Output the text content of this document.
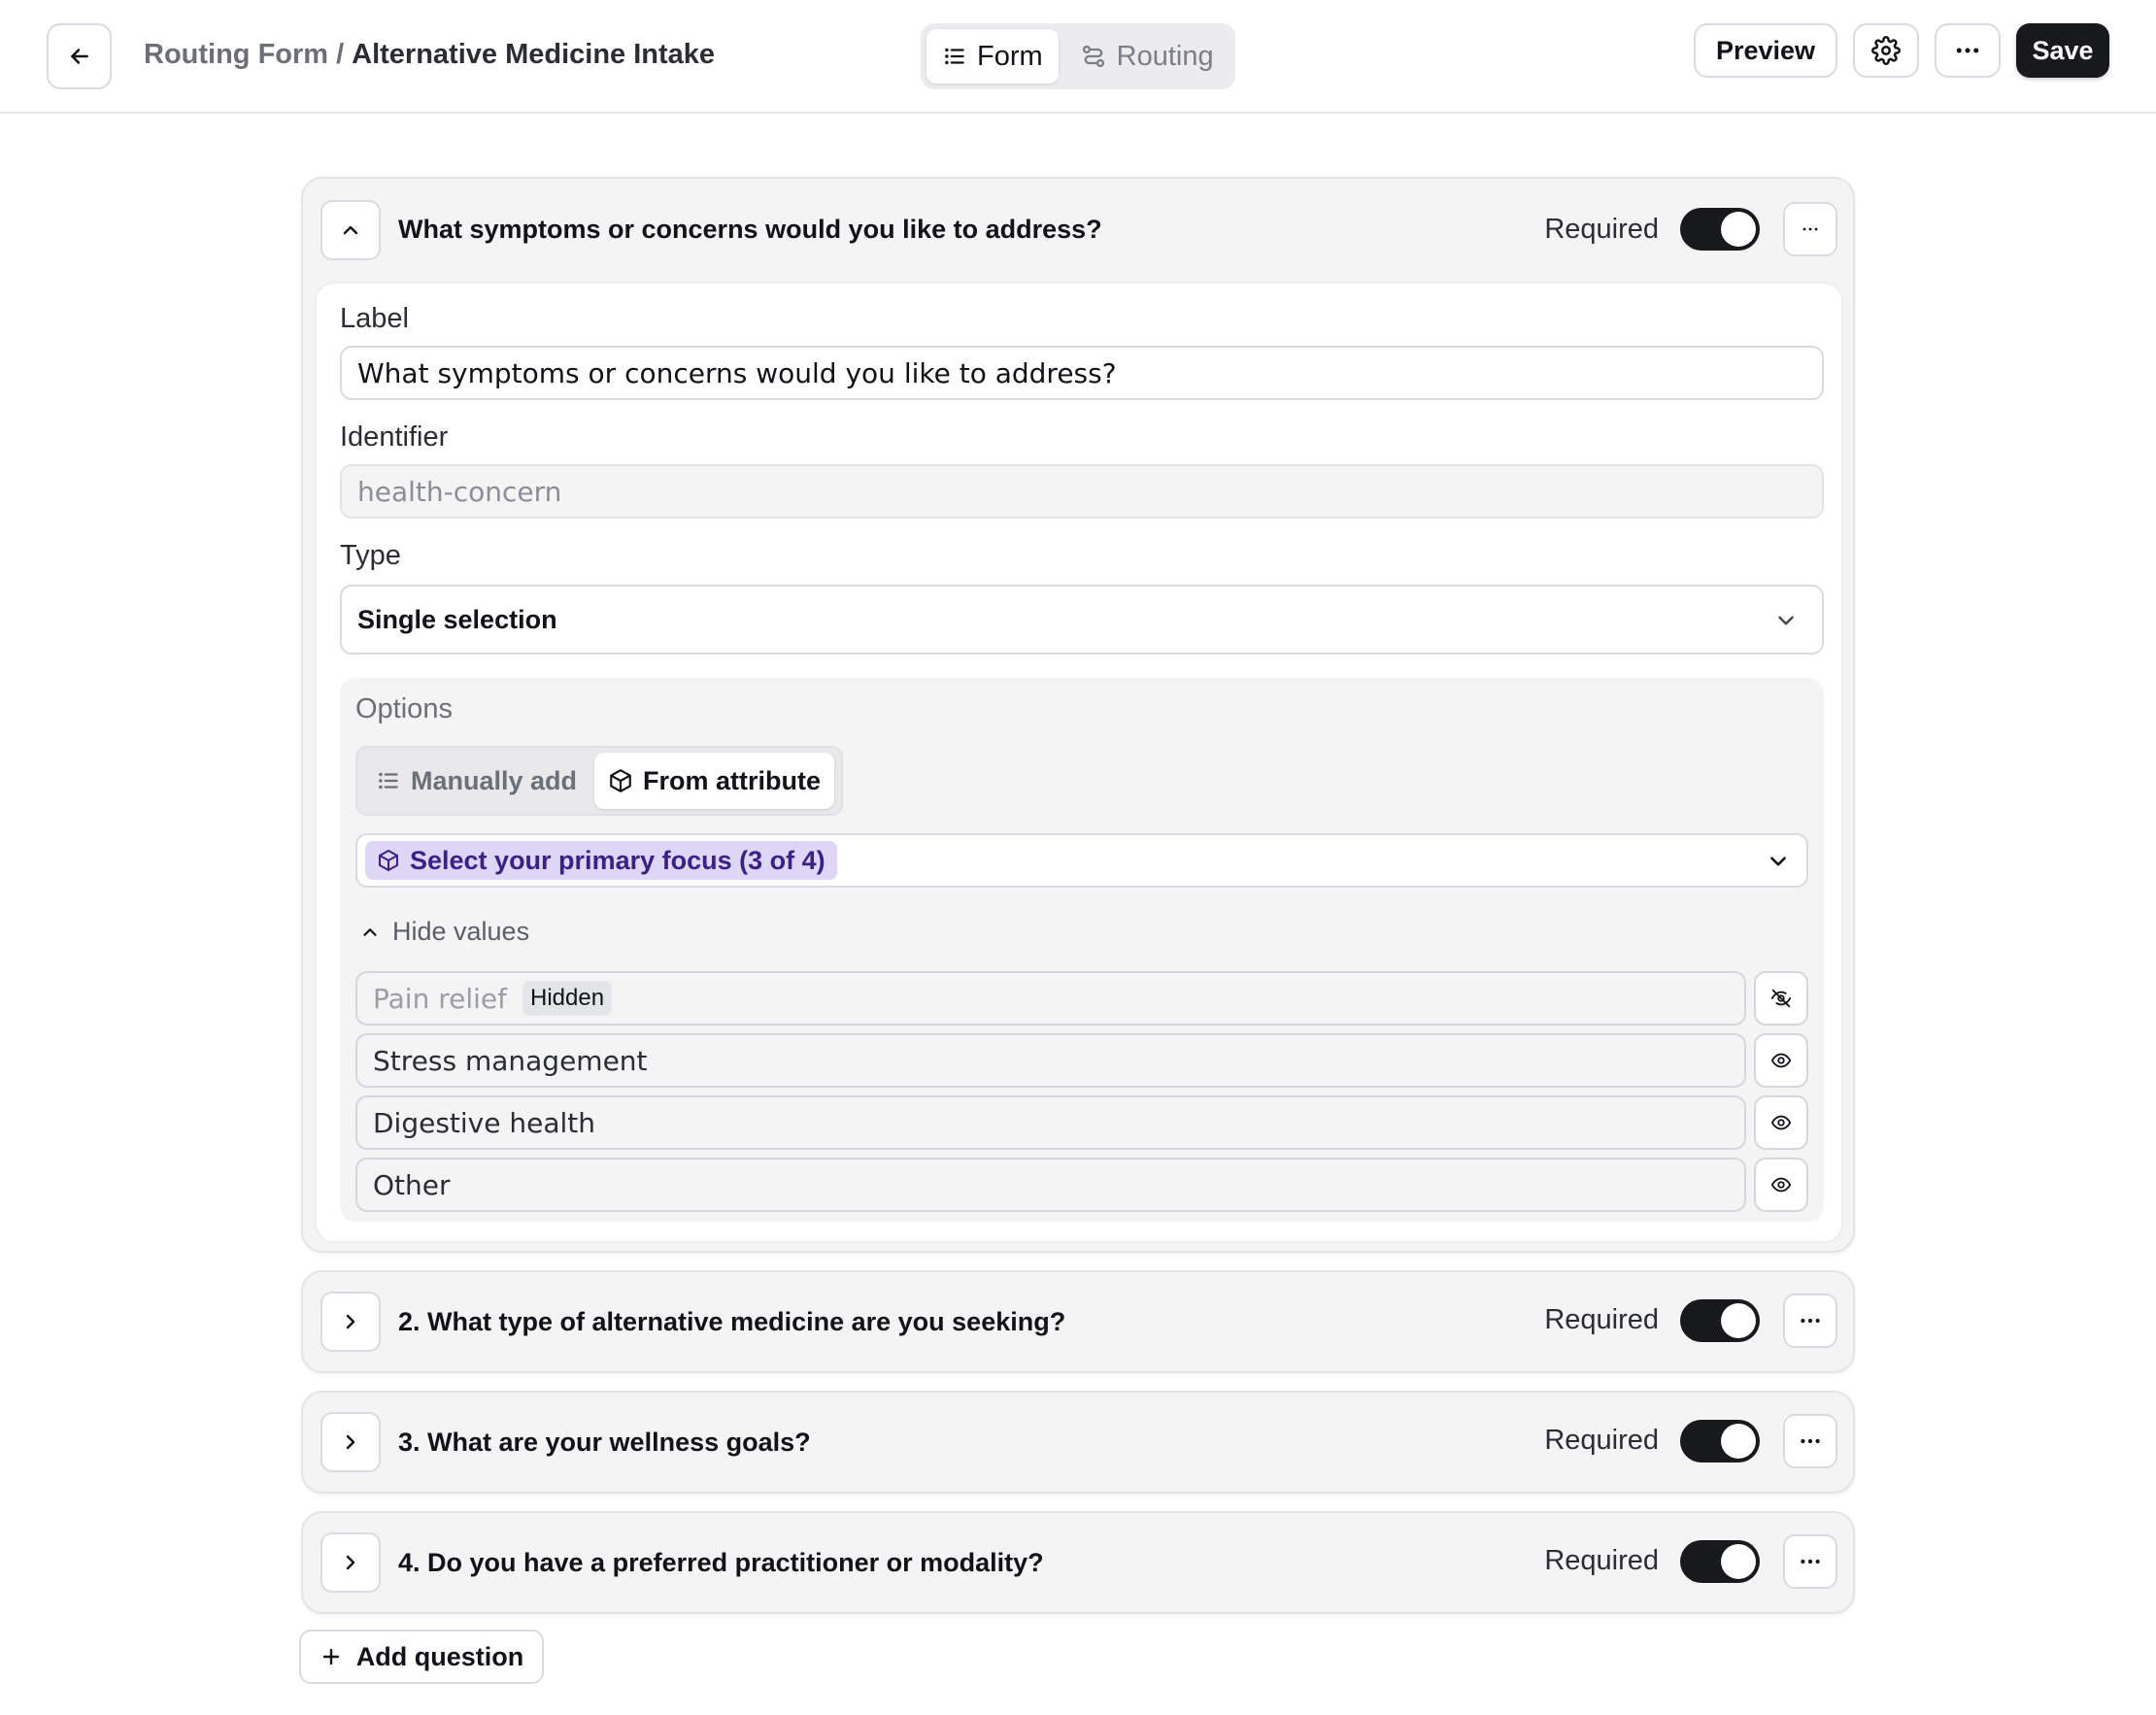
Routing Form / Alternative Medicine Intake	Form	Routing	Preview	Save
What symptoms or concerns would you like to address?	Required
Label
What symptoms or concerns would you like to address?
Identifier
health-concern
Type
Single selection
Options
Manually add	From attribute
Select your primary focus (3 of 4)
Hide values
Pain relief	Hidden
Stress management
Digestive health
Other
2. What type of alternative medicine are you seeking?	Required
3. What are your wellness goals?	Required
4. Do you have a preferred practitioner or modality?	Required
Add question
